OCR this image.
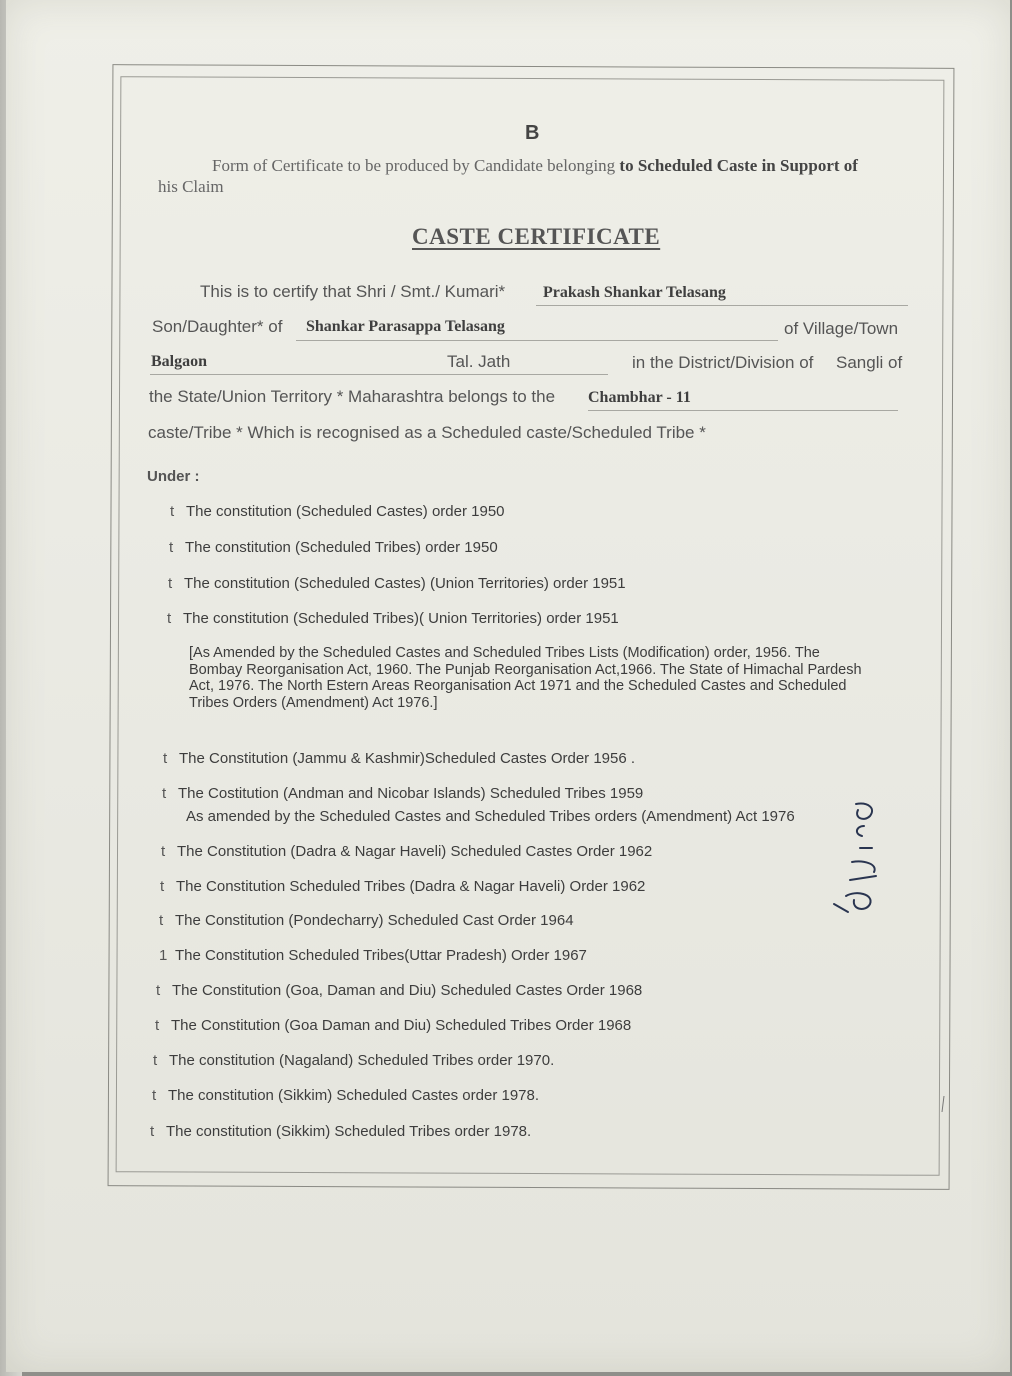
B
Form of Certificate to be produced by Candidate belonging to Scheduled Caste in Support of
his Claim
CASTE CERTIFICATE
This is to certify that Shri / Smt./ Kumari* Prakash Shankar Telasang
Son/Daughter* of Shankar Parasappa Telasang	of Village/Town
Balgaon	Tal. Jath	in the District/Division of Sangli of
the State/Union Territory * Maharashtra belongs to the Chambhar - 11
caste/Tribe * Which is recognised as a Scheduled caste/Scheduled Tribe *
Under :
t The constitution (Scheduled Castes) order 1950
t The constitution (Scheduled Tribes) order 1950
t The constitution (Scheduled Castes) (Union Territories) order 1951
t The constitution (Scheduled Tribes)( Union Territories) order 1951
[As Amended by the Scheduled Castes and Scheduled Tribes Lists (Modification) order, 1956. The Bombay Reorganisation Act, 1960. The Punjab Reorganisation Act,1966. The State of Himachal Pardesh Act, 1976. The North Estern Areas Reorganisation Act 1971 and the Scheduled Castes and Scheduled Tribes Orders (Amendment) Act 1976.]
t The Constitution (Jammu & Kashmir)Scheduled Castes Order 1956 .
t The Costitution (Andman and Nicobar Islands) Scheduled Tribes 1959
As amended by the Scheduled Castes and Scheduled Tribes orders (Amendment) Act 1976
t The Constitution (Dadra & Nagar Haveli) Scheduled Castes Order 1962
t The Constitution Scheduled Tribes (Dadra & Nagar Haveli) Order 1962
t The Constitution (Pondecharry) Scheduled Cast Order 1964
1 The Constitution Scheduled Tribes(Uttar Pradesh) Order 1967
t The Constitution (Goa, Daman and Diu) Scheduled Castes Order 1968
t The Constitution (Goa Daman and Diu) Scheduled Tribes Order 1968
t The constitution (Nagaland) Scheduled Tribes order 1970.
t The constitution (Sikkim) Scheduled Castes order 1978.
t The constitution (Sikkim) Scheduled Tribes order 1978.
